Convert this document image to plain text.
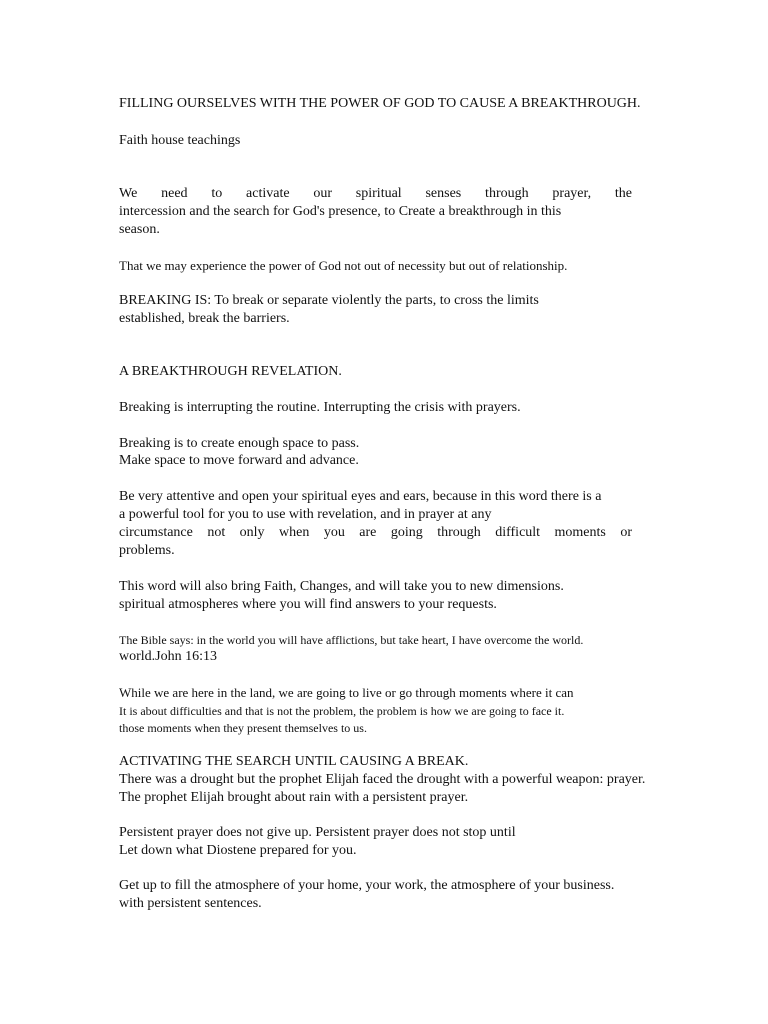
FILLING OURSELVES WITH THE POWER OF GOD TO CAUSE A BREAKTHROUGH.

Faith house teachings

We need to activate our spiritual senses through prayer, the

intercession and the search for God's presence, to Create a breakthrough in this

season.

That we may experience the power of God not out of necessity but out of relationship.

BREAKING IS: To break or separate violently the parts, to cross the limits

established, break the barriers.

A BREAKTHROUGH REVELATION.

Breaking is interrupting the routine. Interrupting the crisis with prayers.

Breaking is to create enough space to pass.

Make space to move forward and advance.

Be very attentive and open your spiritual eyes and ears, because in this word there is a

a powerful tool for you to use with revelation, and in prayer at any

circumstance not only when you are going through difficult moments or

problems.

This word will also bring Faith, Changes, and will take you to new dimensions.

spiritual atmospheres where you will find answers to your requests.

The Bible says: in the world you will have afflictions, but take heart, I have overcome the world.

world.John 16:13

While we are here in the land, we are going to live or go through moments where it can

It is about difficulties and that is not the problem, the problem is how we are going to face it.

those moments when they present themselves to us.

ACTIVATING THE SEARCH UNTIL CAUSING A BREAK.

There was a drought but the prophet Elijah faced the drought with a powerful weapon: prayer.

The prophet Elijah brought about rain with a persistent prayer.

Persistent prayer does not give up. Persistent prayer does not stop until

Let down what Diostene prepared for you.

Get up to fill the atmosphere of your home, your work, the atmosphere of your business.

with persistent sentences.
